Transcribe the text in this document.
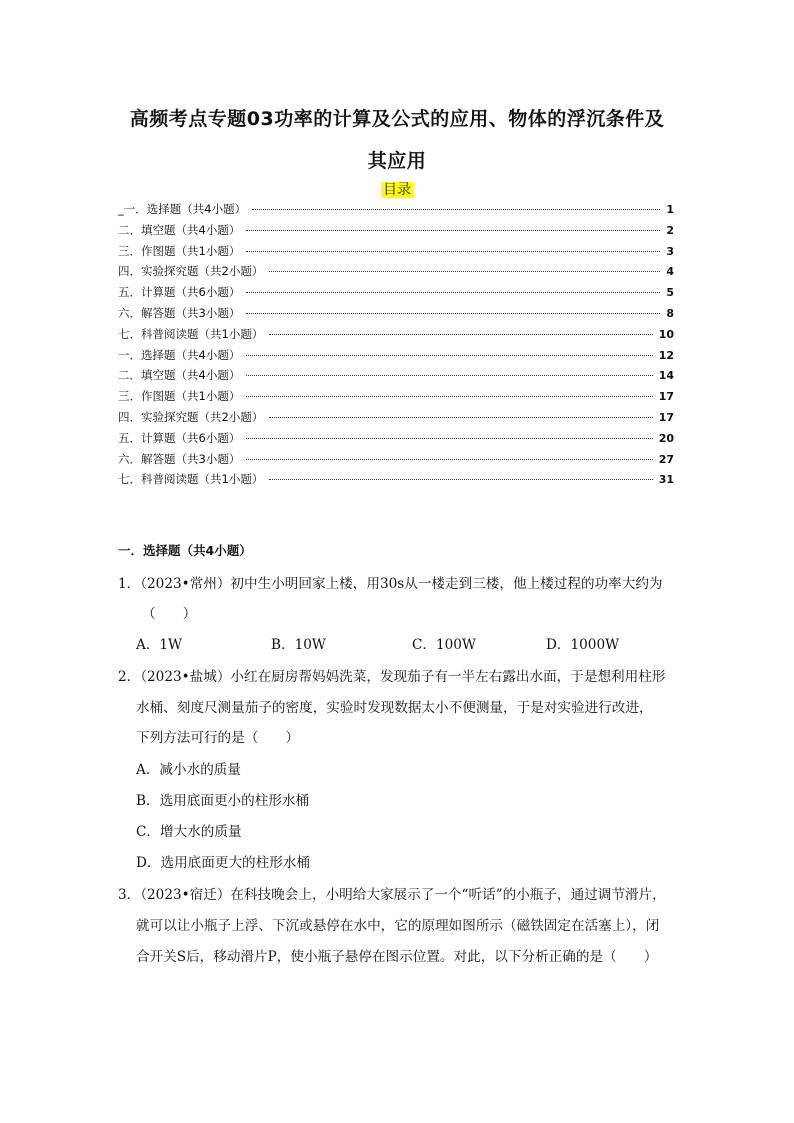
高频考点专题03功率的计算及公式的应用、物体的浮沉条件及
其应用
目录
_一．选择题（共4小题）	1
二．填空题（共4小题）	2
三．作图题（共1小题）	3
四．实验探究题（共2小题）	4
五．计算题（共6小题）	5
六．解答题（共3小题）	8
七．科普阅读题（共1小题）	10
一．选择题（共4小题）	12
二．填空题（共4小题）	14
三．作图题（共1小题）	17
四．实验探究题（共2小题）	17
五．计算题（共6小题）	20
六．解答题（共3小题）	27
七．科普阅读题（共1小题）	31
一．选择题（共4小题）
1．（2023•常州）初中生小明回家上楼，用30s从一楼走到三楼，他上楼过程的功率大约为
（　　）
A．1W	B．10W	C．100W	D．1000W
2．（2023•盐城）小红在厨房帮妈妈洗菜，发现茄子有一半左右露出水面，于是想利用柱形
水桶、刻度尺测量茄子的密度，实验时发现数据太小不便测量，于是对实验进行改进，
下列方法可行的是（　　）
A．减小水的质量
B．选用底面更小的柱形水桶
C．增大水的质量
D．选用底面更大的柱形水桶
3．（2023•宿迁）在科技晚会上，小明给大家展示了一个“听话”的小瓶子，通过调节滑片，
就可以让小瓶子上浮、下沉或悬停在水中，它的原理如图所示（磁铁固定在活塞上），闭
合开关S后，移动滑片P，使小瓶子悬停在图示位置。对此，以下分析正确的是（　　）
